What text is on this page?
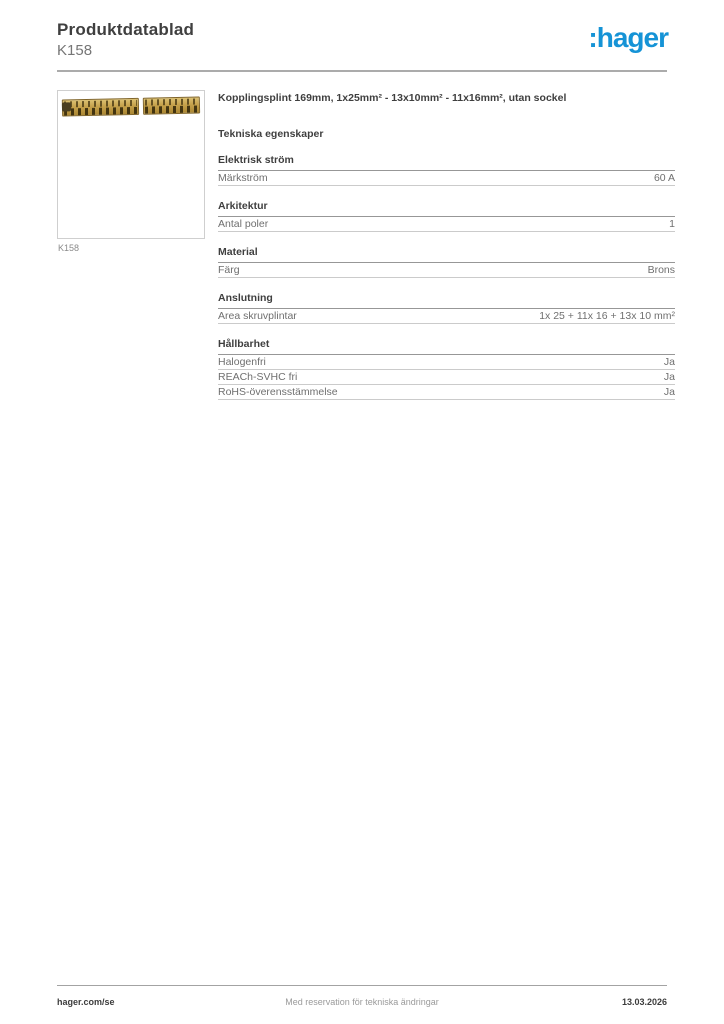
Produktdatablad
K158	:hager
K158
Kopplingsplint 169mm, 1x25mm² - 13x10mm² - 11x16mm², utan sockel
Tekniska egenskaper
Elektrisk ström
Märkström	60 A
Arkitektur
Antal poler	1
Material
Färg	Brons
Anslutning
Area skruvplintar	1x 25 + 11x 16 + 13x 10 mm²
Hållbarhet
Halogenfri	Ja
REACh-SVHC fri	Ja
RoHS-överensstämmelse	Ja
hager.com/se	Med reservation för tekniska ändringar	13.03.2026
